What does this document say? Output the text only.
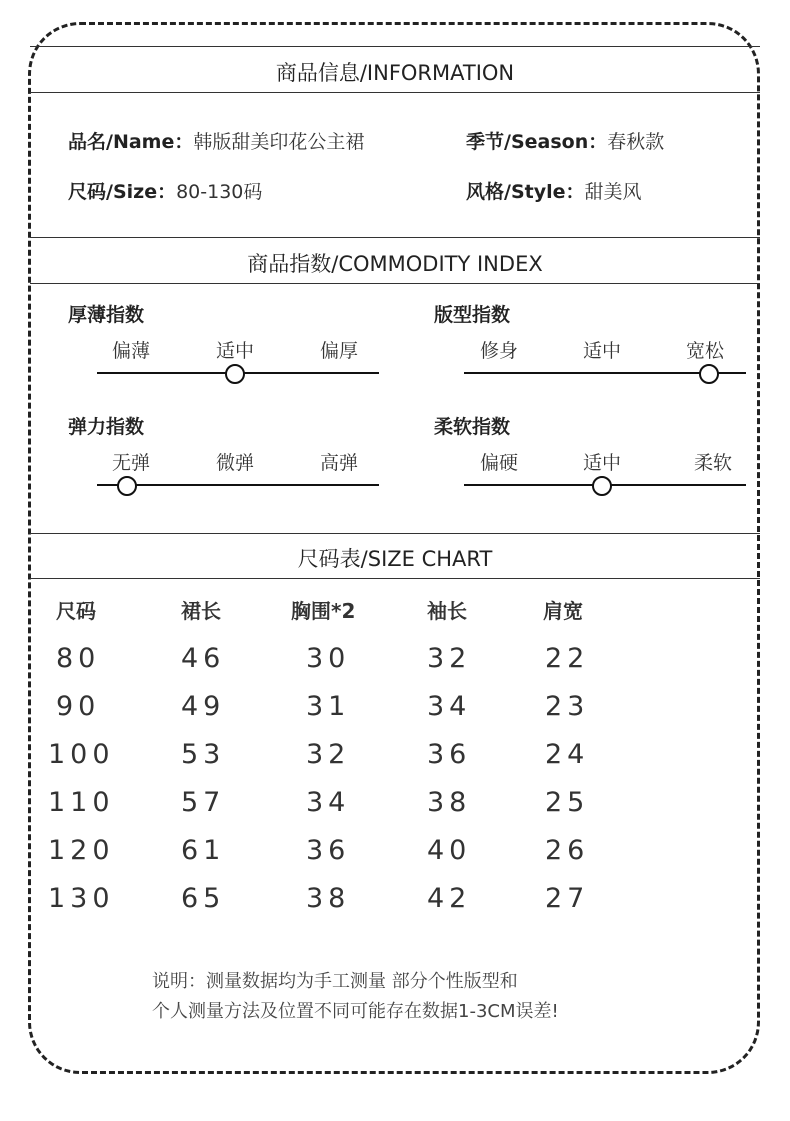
商品信息/INFORMATION
品名/Name：韩版甜美印花公主裙	季节/Season：春秋款
尺码/Size：80-130码	风格/Style：甜美风
商品指数/COMMODITY INDEX
厚薄指数
偏薄	适中	偏厚
版型指数
修身	适中	宽松
弹力指数
无弹	微弹	高弹
柔软指数
偏硬	适中	柔软
尺码表/SIZE CHART
尺码	裙长	胸围*2	袖长	肩宽
80	46	30	32	22
90	49	31	34	23
100 53	32	36	24
110 57	34	38	25
120 61	36	40	26
130 65	38	42	27
说明：测量数据均为手工测量 部分个性版型和
个人测量方法及位置不同可能存在数据1-3CM误差!
